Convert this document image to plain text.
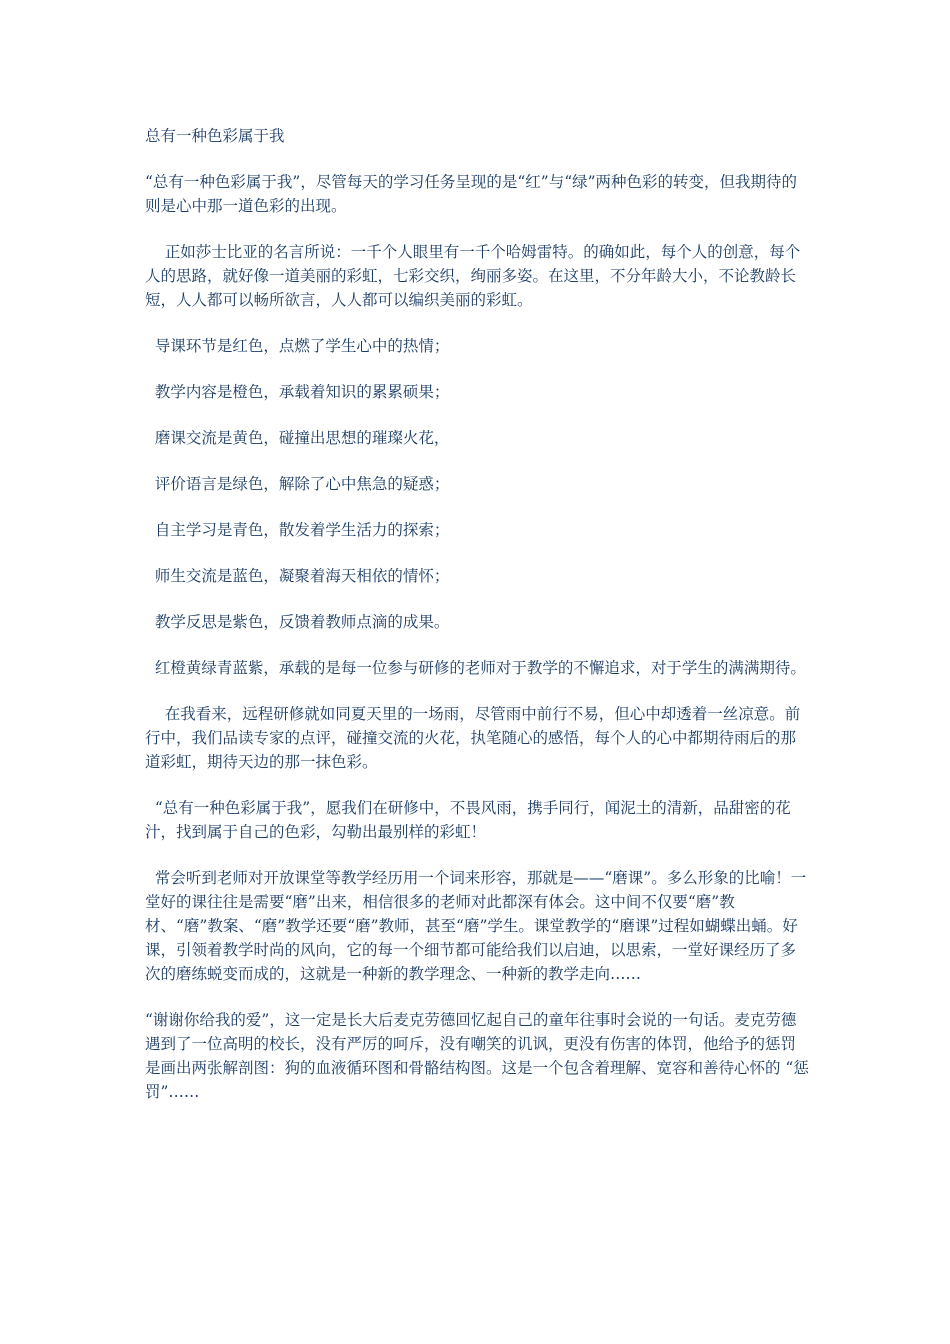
总有一种色彩属于我

“总有一种色彩属于我”，尽管每天的学习任务呈现的是“红”与“绿”两种色彩的转变，但我期待的则是心中那一道色彩的出现。

正如莎士比亚的名言所说：一千个人眼里有一千个哈姆雷特。的确如此，每个人的创意，每个人的思路，就好像一道美丽的彩虹，七彩交织，绚丽多姿。在这里，不分年龄大小，不论教龄长短，人人都可以畅所欲言，人人都可以编织美丽的彩虹。

导课环节是红色，点燃了学生心中的热情；

教学内容是橙色，承载着知识的累累硕果；

磨课交流是黄色，碰撞出思想的璀璨火花，

评价语言是绿色，解除了心中焦急的疑惑；

自主学习是青色，散发着学生活力的探索；

师生交流是蓝色，凝聚着海天相依的情怀；

教学反思是紫色，反馈着教师点滴的成果。

红橙黄绿青蓝紫，承载的是每一位参与研修的老师对于教学的不懈追求，对于学生的满满期待。

在我看来，远程研修就如同夏天里的一场雨，尽管雨中前行不易，但心中却透着一丝凉意。前行中，我们品读专家的点评，碰撞交流的火花，执笔随心的感悟，每个人的心中都期待雨后的那道彩虹，期待天边的那一抹色彩。

“总有一种色彩属于我”，愿我们在研修中，不畏风雨，携手同行，闻泥土的清新，品甜密的花汁，找到属于自己的色彩，勾勒出最别样的彩虹！

常会听到老师对开放课堂等教学经历用一个词来形容，那就是——“磨课”。多么形象的比喻！一堂好的课往往是需要“磨”出来，相信很多的老师对此都深有体会。这中间不仅要“磨”教材、“磨”教案、“磨”教学还要“磨”教师，甚至“磨”学生。课堂教学的“磨课”过程如蝴蝶出蛹。好课，引领着教学时尚的风向，它的每一个细节都可能给我们以启迪，以思索，一堂好课经历了多次的磨练蜕变而成的，这就是一种新的教学理念、一种新的教学走向……

“谢谢你给我的爱”，这一定是长大后麦克劳德回忆起自己的童年往事时会说的一句话。麦克劳德遇到了一位高明的校长，没有严厉的呵斥，没有嘲笑的讥讽，更没有伤害的体罚，他给予的惩罚是画出两张解剖图：狗的血液循环图和骨骼结构图。这是一个包含着理解、宽容和善待心怀的 “惩罚”……
